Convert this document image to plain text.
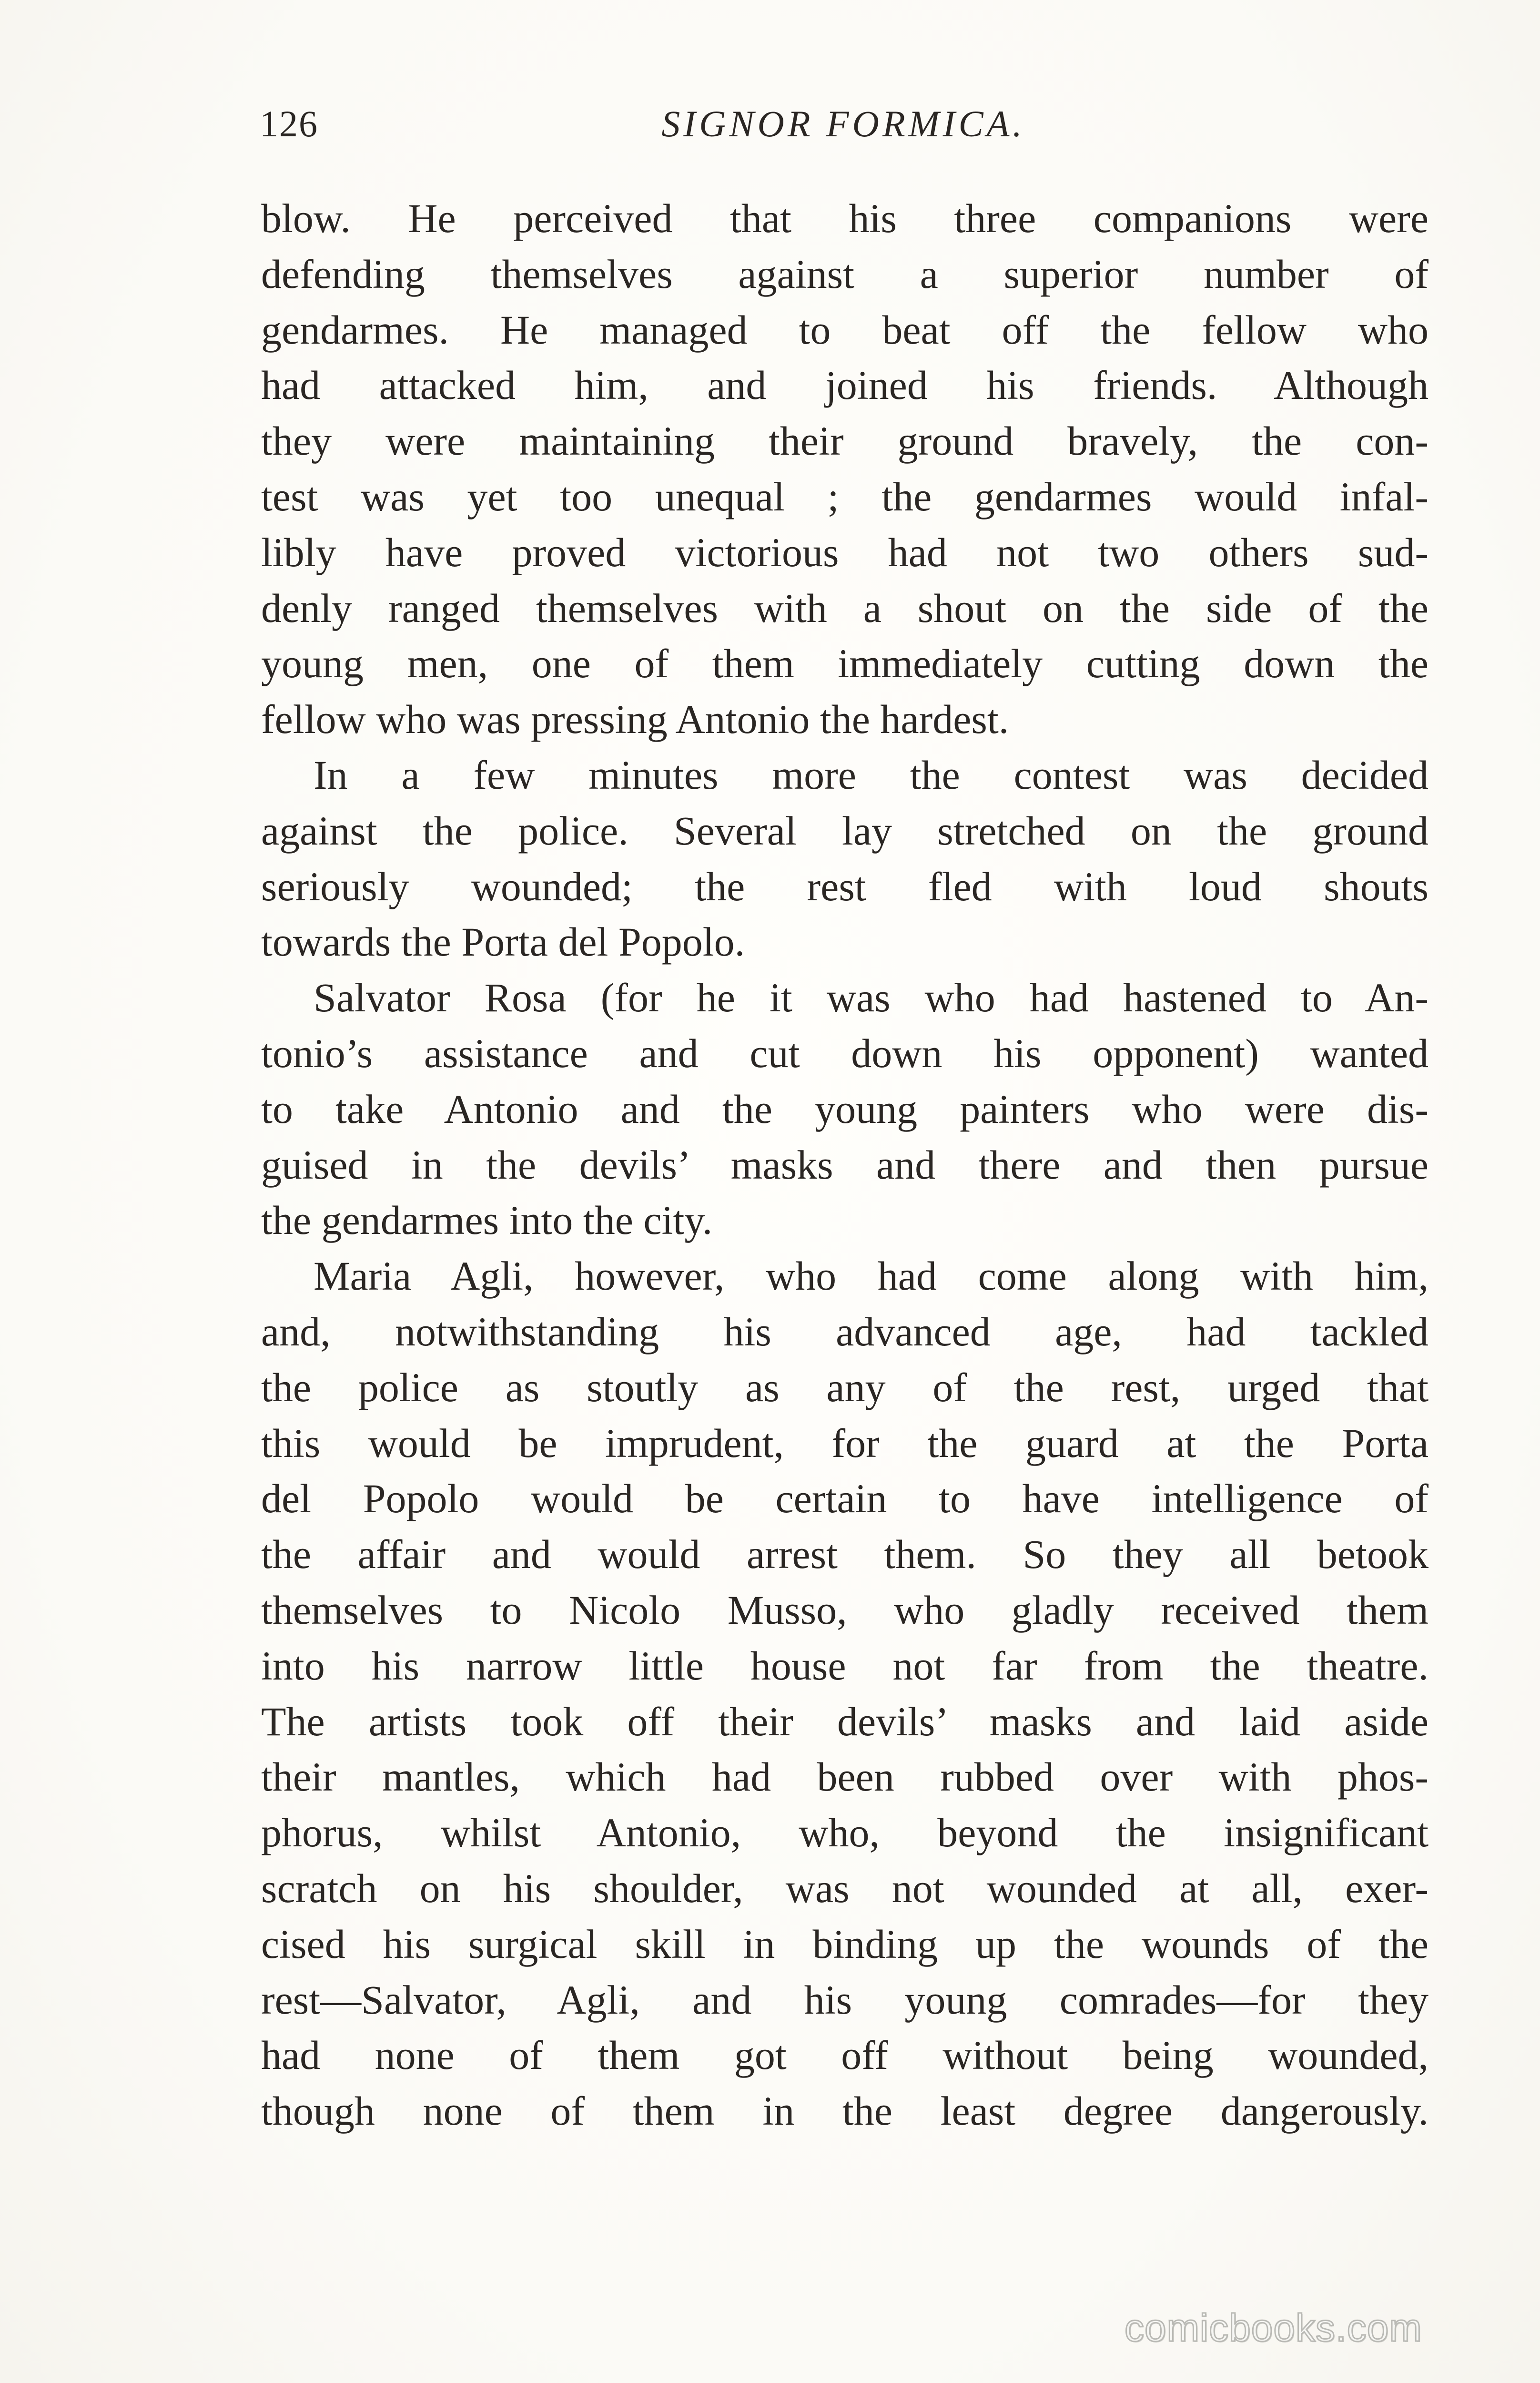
126	SIGNOR FORMICA.
blow. He perceived that his three companions were
defending themselves against a superior number of
gendarmes. He managed to beat off the fellow who
had attacked him, and joined his friends. Although
they were maintaining their ground bravely, the con-
test was yet too unequal ; the gendarmes would infal-
libly have proved victorious had not two others sud-
denly ranged themselves with a shout on the side of the
young men, one of them immediately cutting down the
fellow who was pressing Antonio the hardest.
In a few minutes more the contest was decided
against the police. Several lay stretched on the ground
seriously wounded; the rest fled with loud shouts
towards the Porta del Popolo.
Salvator Rosa (for he it was who had hastened to An-
tonio’s assistance and cut down his opponent) wanted
to take Antonio and the young painters who were dis-
guised in the devils’ masks and there and then pursue
the gendarmes into the city.
Maria Agli, however, who had come along with him,
and, notwithstanding his advanced age, had tackled
the police as stoutly as any of the rest, urged that
this would be imprudent, for the guard at the Porta
del Popolo would be certain to have intelligence of
the affair and would arrest them. So they all betook
themselves to Nicolo Musso, who gladly received them
into his narrow little house not far from the theatre.
The artists took off their devils’ masks and laid aside
their mantles, which had been rubbed over with phos-
phorus, whilst Antonio, who, beyond the insignificant
scratch on his shoulder, was not wounded at all, exer-
cised his surgical skill in binding up the wounds of the
rest—Salvator, Agli, and his young comrades—for they
had none of them got off without being wounded,
though none of them in the least degree dangerously.
comicbooks.com
